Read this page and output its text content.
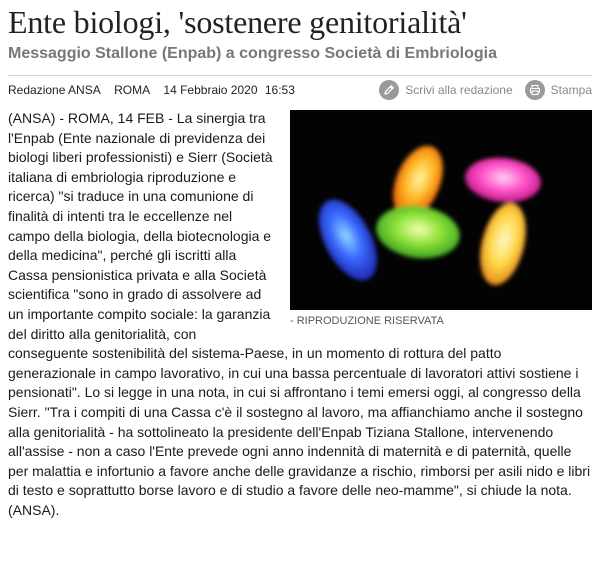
Ente biologi, 'sostenere genitorialità'
Messaggio Stallone (Enpab) a congresso Società di Embriologia
Redazione ANSA ROMA 14 Febbraio 2020 16:53	Scrivi alla redazione	Stampa
- RIPRODUZIONE RISERVATA

(ANSA) - ROMA, 14 FEB - La sinergia tra l'Enpab (Ente nazionale di previdenza dei biologi liberi professionisti) e Sierr (Società italiana di embriologia riproduzione e ricerca) "si traduce in una comunione di finalità di intenti tra le eccellenze nel campo della biologia, della biotecnologia e della medicina", perché gli iscritti alla Cassa pensionistica privata e alla Società scientifica "sono in grado di assolvere ad un importante compito sociale: la garanzia del diritto alla genitorialità, con conseguente sostenibilità del sistema-Paese, in un momento di rottura del patto generazionale in campo lavorativo, in cui una bassa percentuale di lavoratori attivi sostiene i pensionati". Lo si legge in una nota, in cui si affrontano i temi emersi oggi, al congresso della Sierr. "Tra i compiti di una Cassa c'è il sostegno al lavoro, ma affianchiamo anche il sostegno alla genitorialità - ha sottolineato la presidente dell'Enpab Tiziana Stallone, intervenendo all'assise - non a caso l'Ente prevede ogni anno indennità di maternità e di paternità, quelle per malattia e infortunio a favore anche delle gravidanze a rischio, rimborsi per asili nido e libri di testo e soprattutto borse lavoro e di studio a favore delle neo-mamme", si chiude la nota. (ANSA).
